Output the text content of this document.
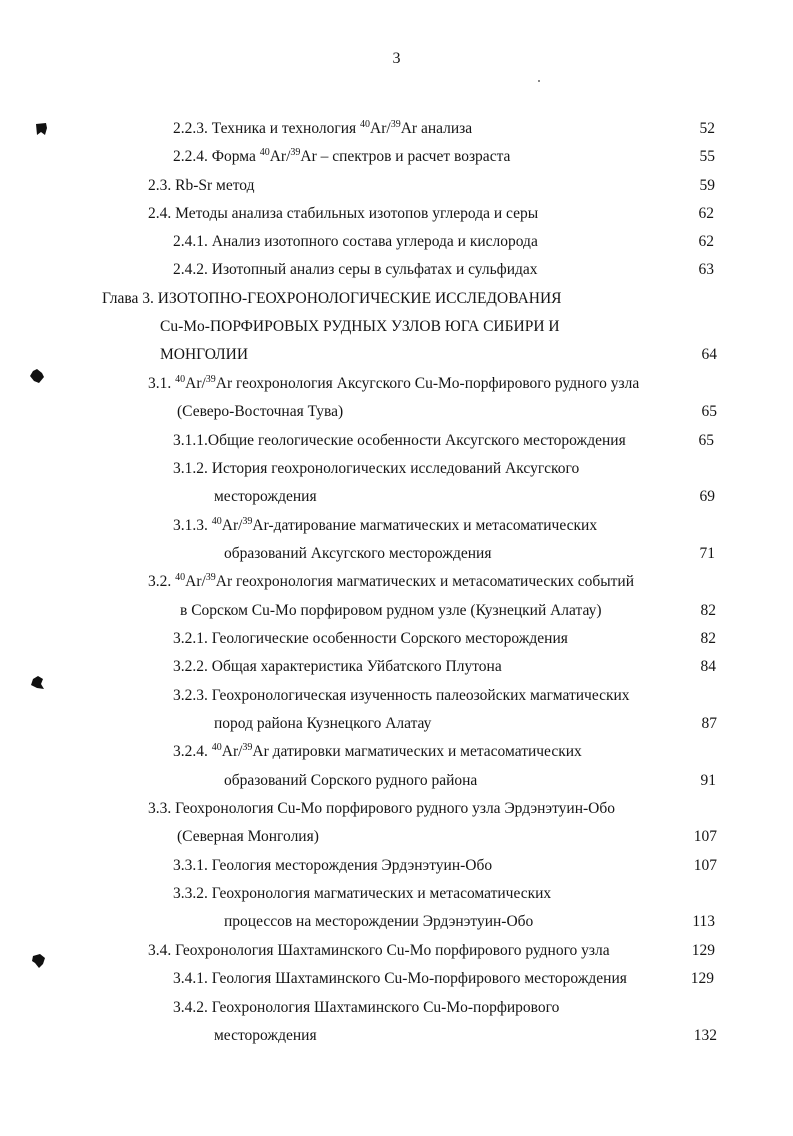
3
2.2.3. Техника и технология $^{40}$Ar/$^{39}$Ar анализа	52
2.2.4. Форма $^{40}$Ar/$^{39}$Ar – спектров и расчет возраста	55
2.3. Rb-Sr метод	59
2.4. Методы анализа стабильных изотопов углерода и серы	62
2.4.1. Анализ изотопного состава углерода и кислорода	62
2.4.2. Изотопный анализ серы в сульфатах и сульфидах	63
Глава 3. ИЗОТОПНО-ГЕОХРОНОЛОГИЧЕСКИЕ ИССЛЕДОВАНИЯ
Cu-Mo-ПОРФИРОВЫХ РУДНЫХ УЗЛОВ ЮГА СИБИРИ И
МОНГОЛИИ	64
3.1. $^{40}$Ar/$^{39}$Ar геохронология Аксугского Cu-Mo-порфирового рудного узла
(Северо-Восточная Тува)	65
3.1.1.Общие геологические особенности Аксугского месторождения	65
3.1.2. История геохронологических исследований Аксугского
месторождения	69
3.1.3. $^{40}$Ar/$^{39}$Ar-датирование магматических и метасоматических
образований Аксугского месторождения	71
3.2. $^{40}$Ar/$^{39}$Ar геохронология магматических и метасоматических событий
в Сорском Cu-Mo порфировом рудном узле (Кузнецкий Алатау)	82
3.2.1. Геологические особенности Сорского месторождения	82
3.2.2. Общая характеристика Уйбатского Плутона	84
3.2.3. Геохронологическая изученность палеозойских магматических
пород района Кузнецкого Алатау	87
3.2.4. $^{40}$Ar/$^{39}$Ar датировки магматических и метасоматических
образований Сорского рудного района	91
3.3. Геохронология Cu-Mo порфирового рудного узла Эрдэнэтуин-Обо
(Северная Монголия)	107
3.3.1. Геология месторождения Эрдэнэтуин-Обо	107
3.3.2. Геохронология магматических и метасоматических
процессов на месторождении Эрдэнэтуин-Обо	113
3.4. Геохронология Шахтаминского Cu-Mo порфирового рудного узла	129
3.4.1. Геология Шахтаминского Cu-Mo-порфирового месторождения	129
3.4.2. Геохронология Шахтаминского Cu-Mo-порфирового
месторождения	132
